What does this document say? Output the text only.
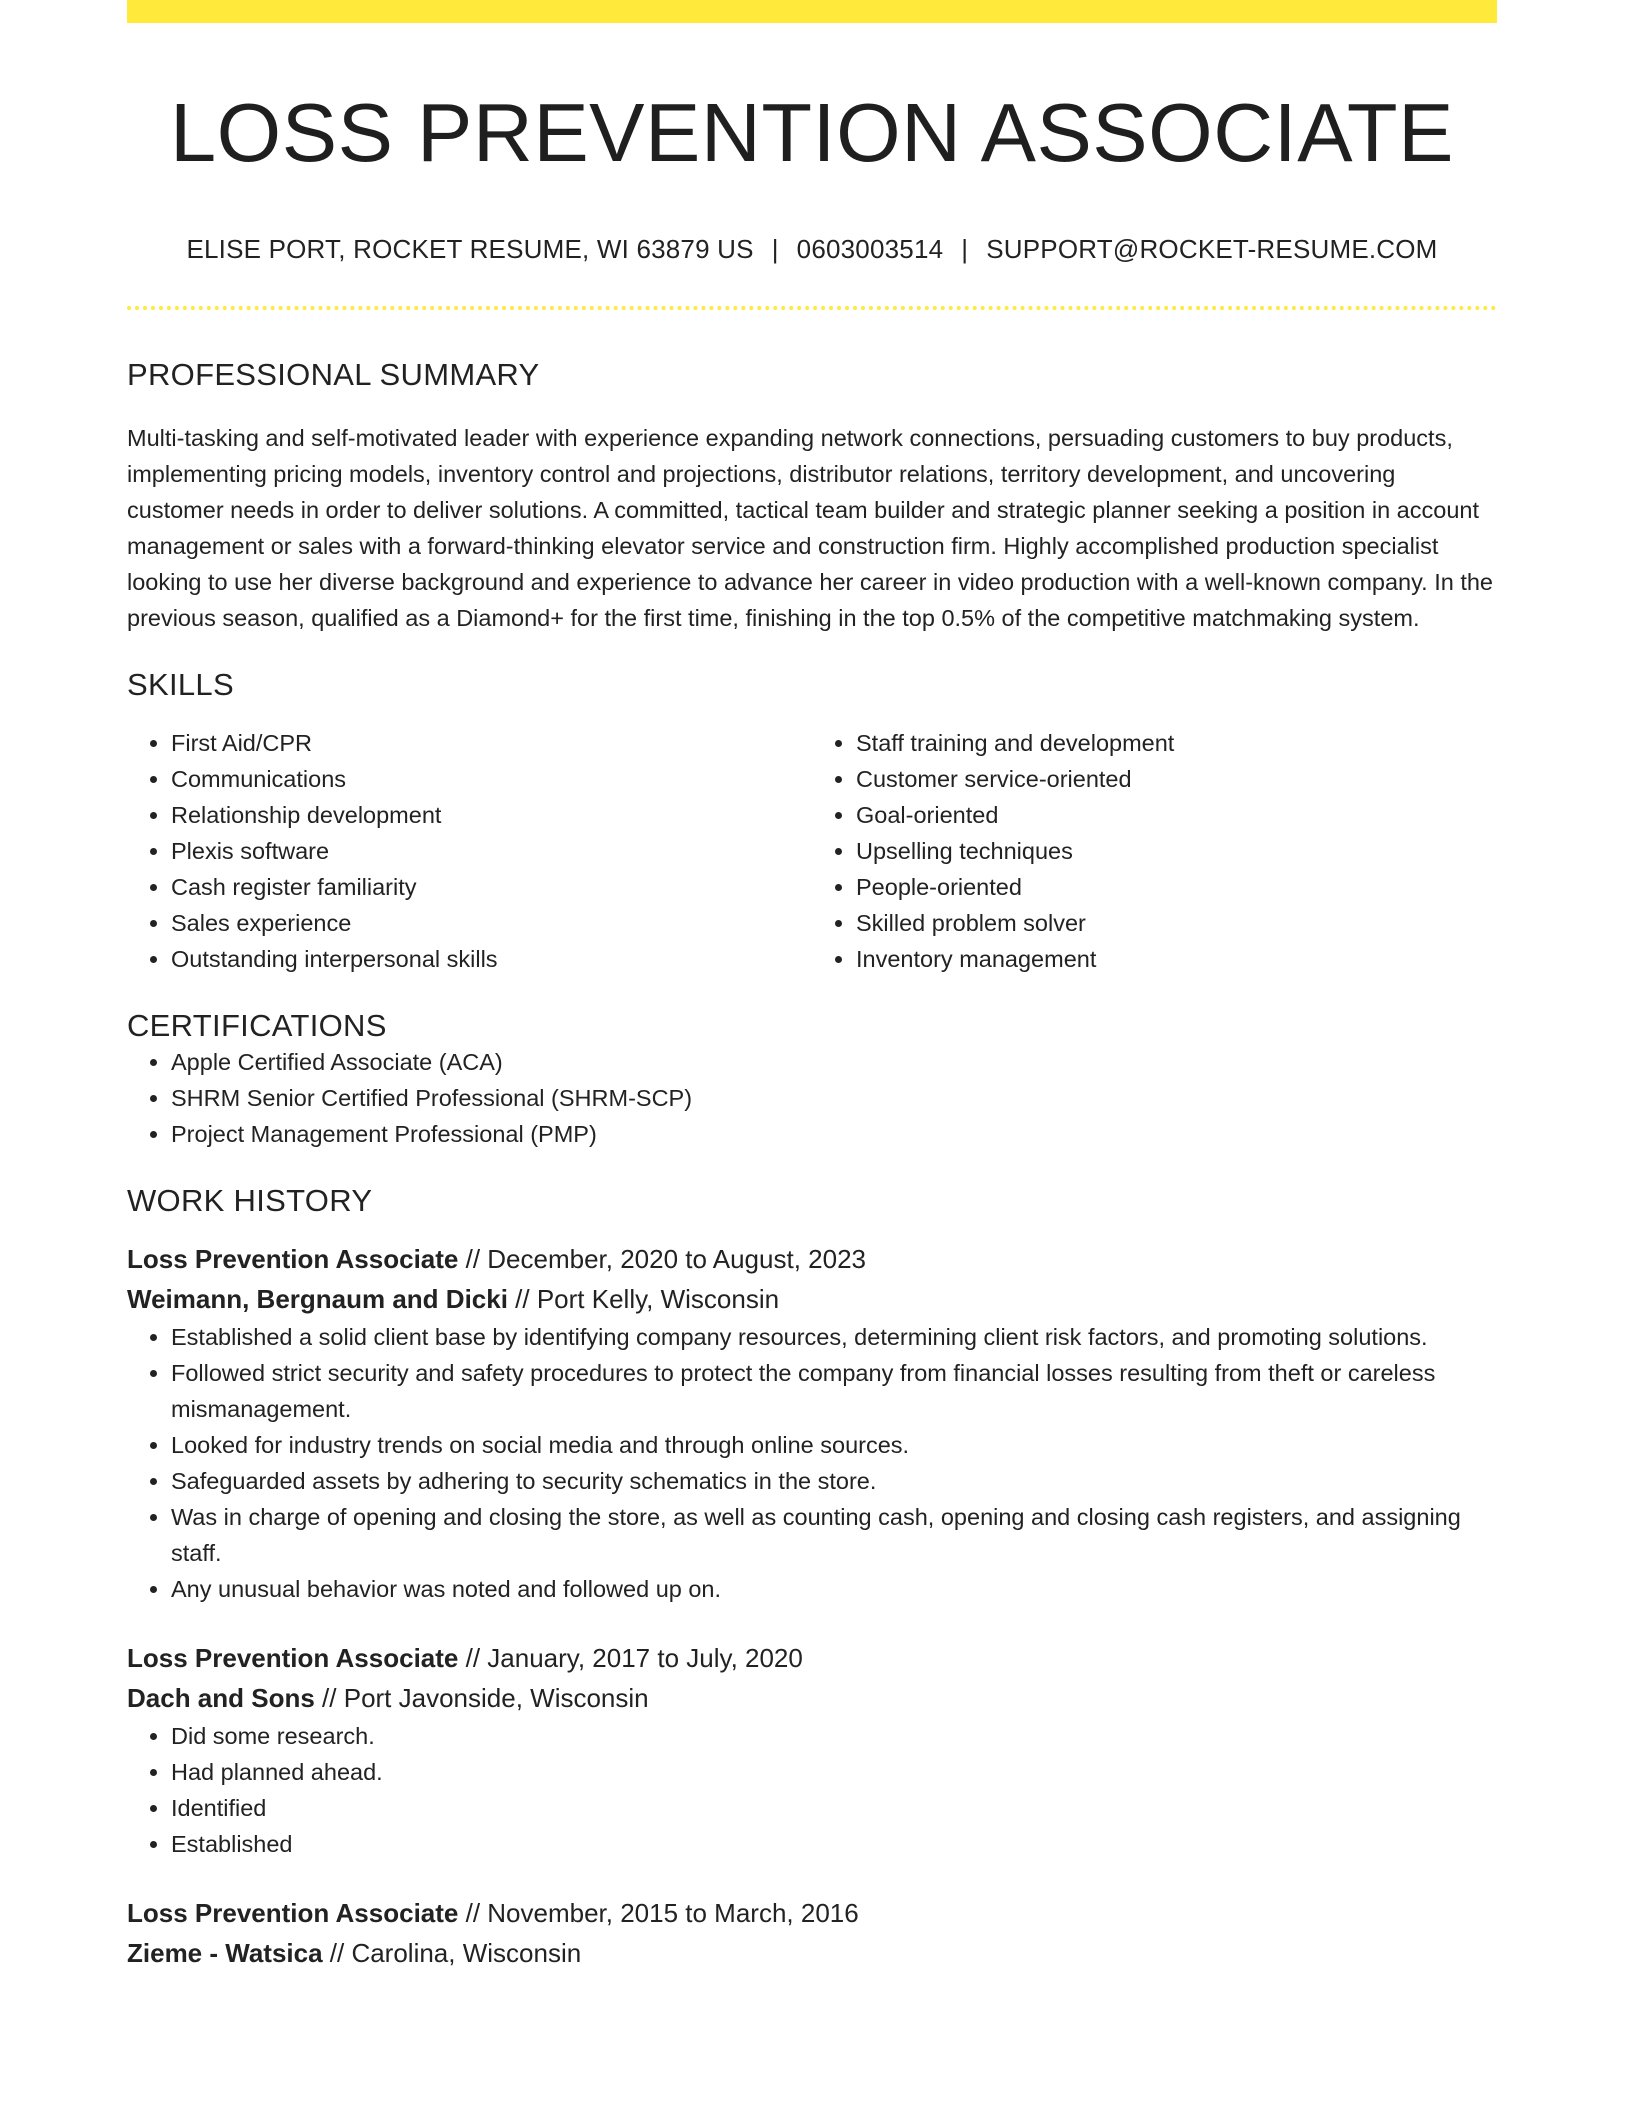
LOSS PREVENTION ASSOCIATE
ELISE PORT, ROCKET RESUME, WI 63879 US | 0603003514 | SUPPORT@ROCKET-RESUME.COM
PROFESSIONAL SUMMARY

Multi-tasking and self-motivated leader with experience expanding network connections, persuading customers to buy products, implementing pricing models, inventory control and projections, distributor relations, territory development, and uncovering customer needs in order to deliver solutions. A committed, tactical team builder and strategic planner seeking a position in account management or sales with a forward-thinking elevator service and construction firm. Highly accomplished production specialist looking to use her diverse background and experience to advance her career in video production with a well-known company. In the previous season, qualified as a Diamond+ for the first time, finishing in the top 0.5% of the competitive matchmaking system.

SKILLS
• First Aid/CPR
• Communications
• Relationship development
• Plexis software
• Cash register familiarity
• Sales experience
• Outstanding interpersonal skills
• Staff training and development
• Customer service-oriented
• Goal-oriented
• Upselling techniques
• People-oriented
• Skilled problem solver
• Inventory management
CERTIFICATIONS
• Apple Certified Associate (ACA)
• SHRM Senior Certified Professional (SHRM-SCP)
• Project Management Professional (PMP)
WORK HISTORY
Loss Prevention Associate // December, 2020 to August, 2023
Weimann, Bergnaum and Dicki // Port Kelly, Wisconsin
• Established a solid client base by identifying company resources, determining client risk factors, and promoting solutions.
• Followed strict security and safety procedures to protect the company from financial losses resulting from theft or careless mismanagement.
• Looked for industry trends on social media and through online sources.
• Safeguarded assets by adhering to security schematics in the store.
• Was in charge of opening and closing the store, as well as counting cash, opening and closing cash registers, and assigning staff.
• Any unusual behavior was noted and followed up on.
Loss Prevention Associate // January, 2017 to July, 2020
Dach and Sons // Port Javonside, Wisconsin
• Did some research.
• Had planned ahead.
• Identified
• Established
Loss Prevention Associate // November, 2015 to March, 2016
Zieme - Watsica // Carolina, Wisconsin
